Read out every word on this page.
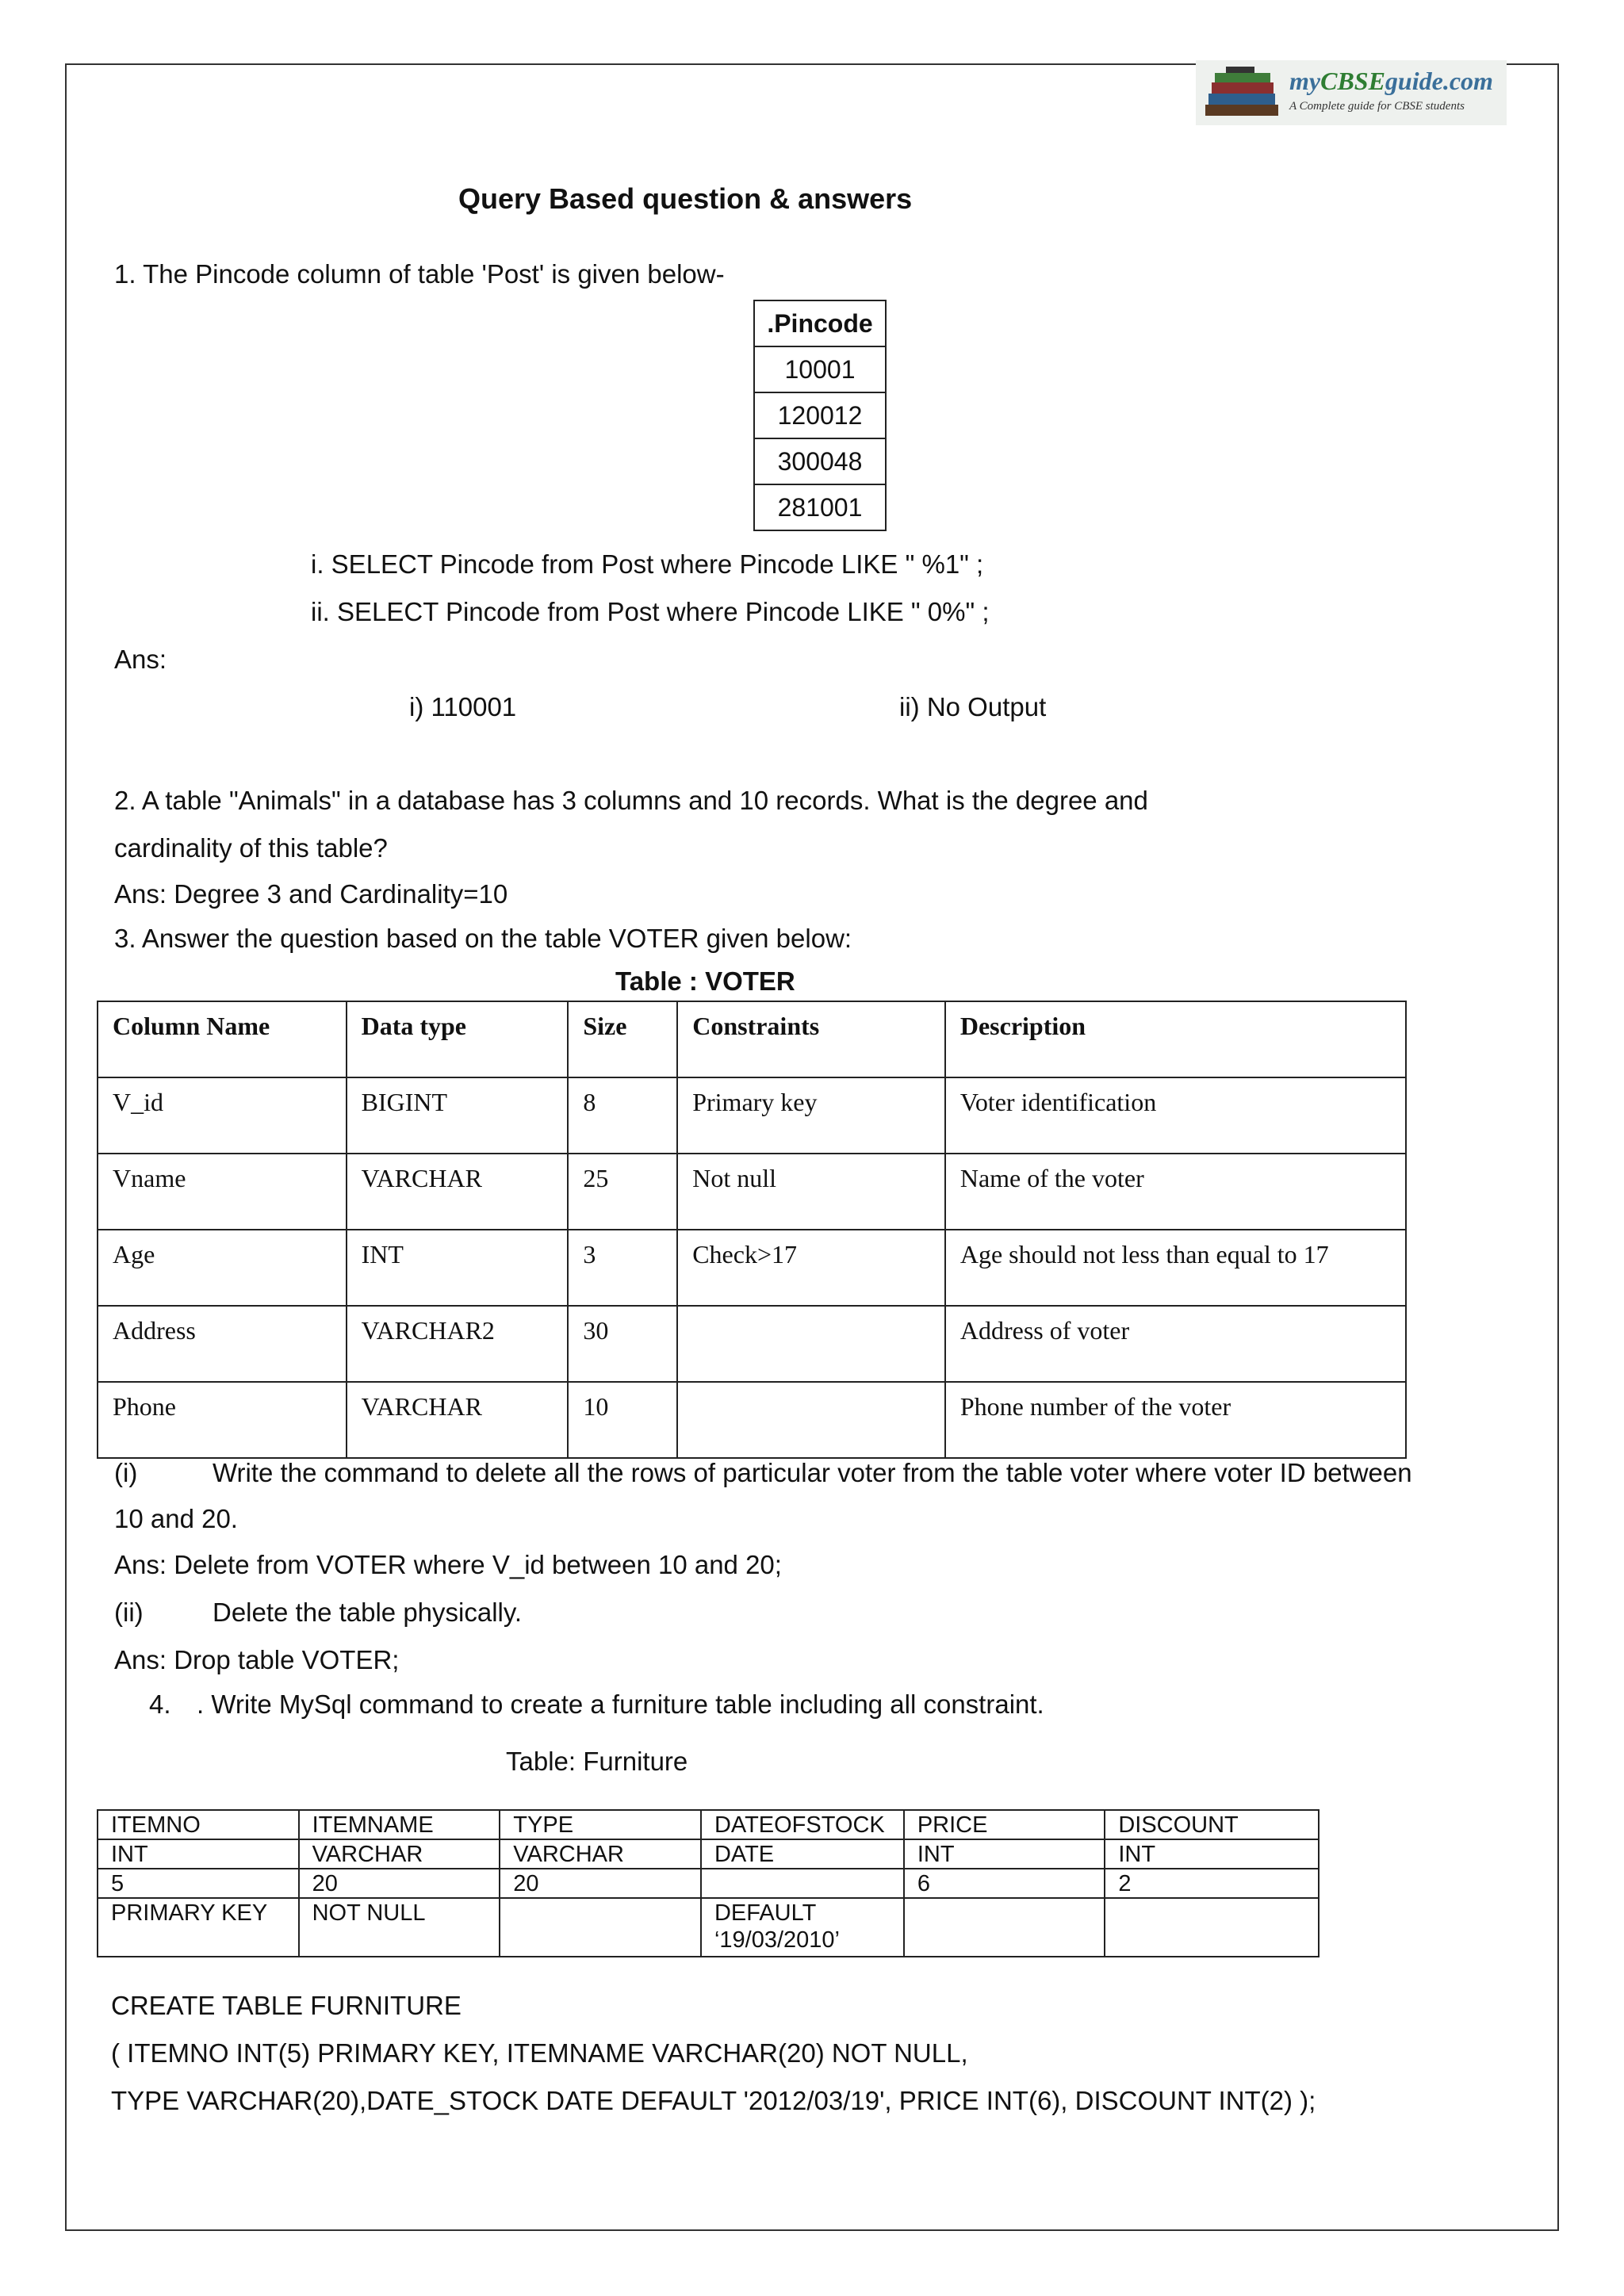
myCBSEguide.com
A Complete guide for CBSE students
Query Based question & answers
1. The Pincode column of table 'Post' is given below-
.Pincode
10001
120012
300048
281001
i. SELECT Pincode from Post where Pincode LIKE " %1" ;
ii. SELECT Pincode from Post where Pincode LIKE " 0%" ;
Ans:
i) 110001	ii) No Output
2. A table "Animals" in a database has 3 columns and 10 records. What is the degree and
cardinality of this table?
Ans: Degree 3 and Cardinality=10
3. Answer the question based on the table VOTER given below:
Table : VOTER
Column Name	Data type	Size	Constraints	Description
V_id	BIGINT	8	Primary key	Voter identification
Vname	VARCHAR	25	Not null	Name of the voter
Age	INT	3	Check>17	Age should not less than equal to 17
Address	VARCHAR2	30		Address of voter
Phone	VARCHAR	10		Phone number of the voter
(i)	Write the command to delete all the rows of particular voter from the table voter where voter ID between
10 and 20.
Ans: Delete from VOTER where V_id between 10 and 20;
(ii)	Delete the table physically.
Ans: Drop table VOTER;
4. . Write MySql command to create a furniture table including all constraint.
Table: Furniture
ITEMNO	ITEMNAME	TYPE	DATEOFSTOCK	PRICE	DISCOUNT
INT	VARCHAR	VARCHAR	DATE	INT	INT
5	20	20		6	2
PRIMARY KEY	NOT NULL		DEFAULT
‘19/03/2010’		
CREATE TABLE FURNITURE
( ITEMNO INT(5) PRIMARY KEY, ITEMNAME VARCHAR(20) NOT NULL,
TYPE VARCHAR(20),DATE_STOCK DATE DEFAULT '2012/03/19', PRICE INT(6), DISCOUNT INT(2) );
